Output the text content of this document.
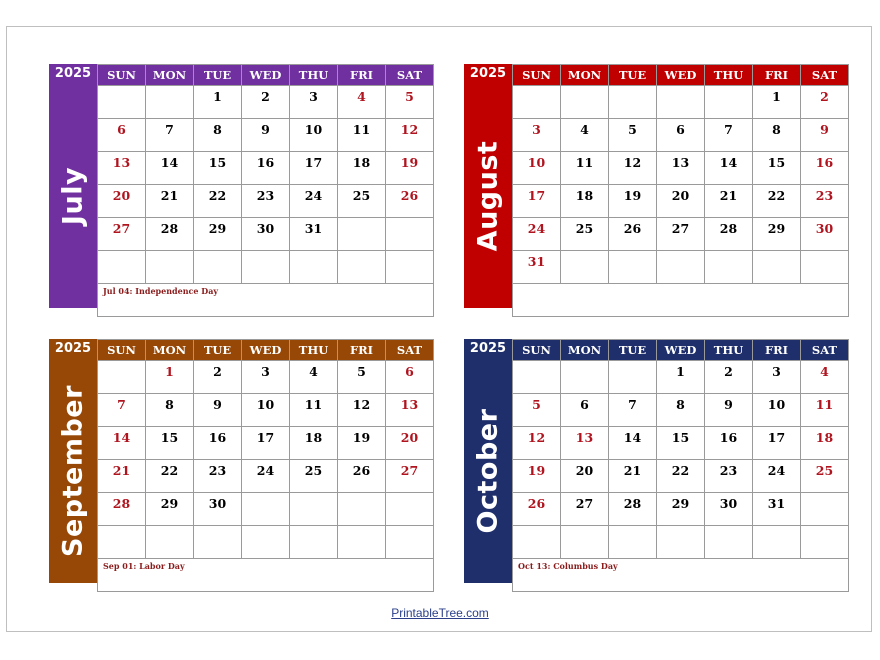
2025
July
SUN	MON	TUE	WED	THU	FRI	SAT

		1	2	3	4	5

6	7	8	9	10	11	12

13	14	15	16	17	18	19

20	21	22	23	24	25	26

27	28	29	30	31		

Jul 04: Independence Day						
2025
August
SUN	MON	TUE	WED	THU	FRI	SAT

					1	2

3	4	5	6	7	8	9

10	11	12	13	14	15	16

17	18	19	20	21	22	23

24	25	26	27	28	29	30

31						

2025
September
SUN	MON	TUE	WED	THU	FRI	SAT

	1	2	3	4	5	6

7	8	9	10	11	12	13

14	15	16	17	18	19	20

21	22	23	24	25	26	27

28	29	30				

Sep 01: Labor Day						
2025
October
SUN	MON	TUE	WED	THU	FRI	SAT

			1	2	3	4

5	6	7	8	9	10	11

12	13	14	15	16	17	18

19	20	21	22	23	24	25

26	27	28	29	30	31	

Oct 13: Columbus Day						
PrintableTree.com
